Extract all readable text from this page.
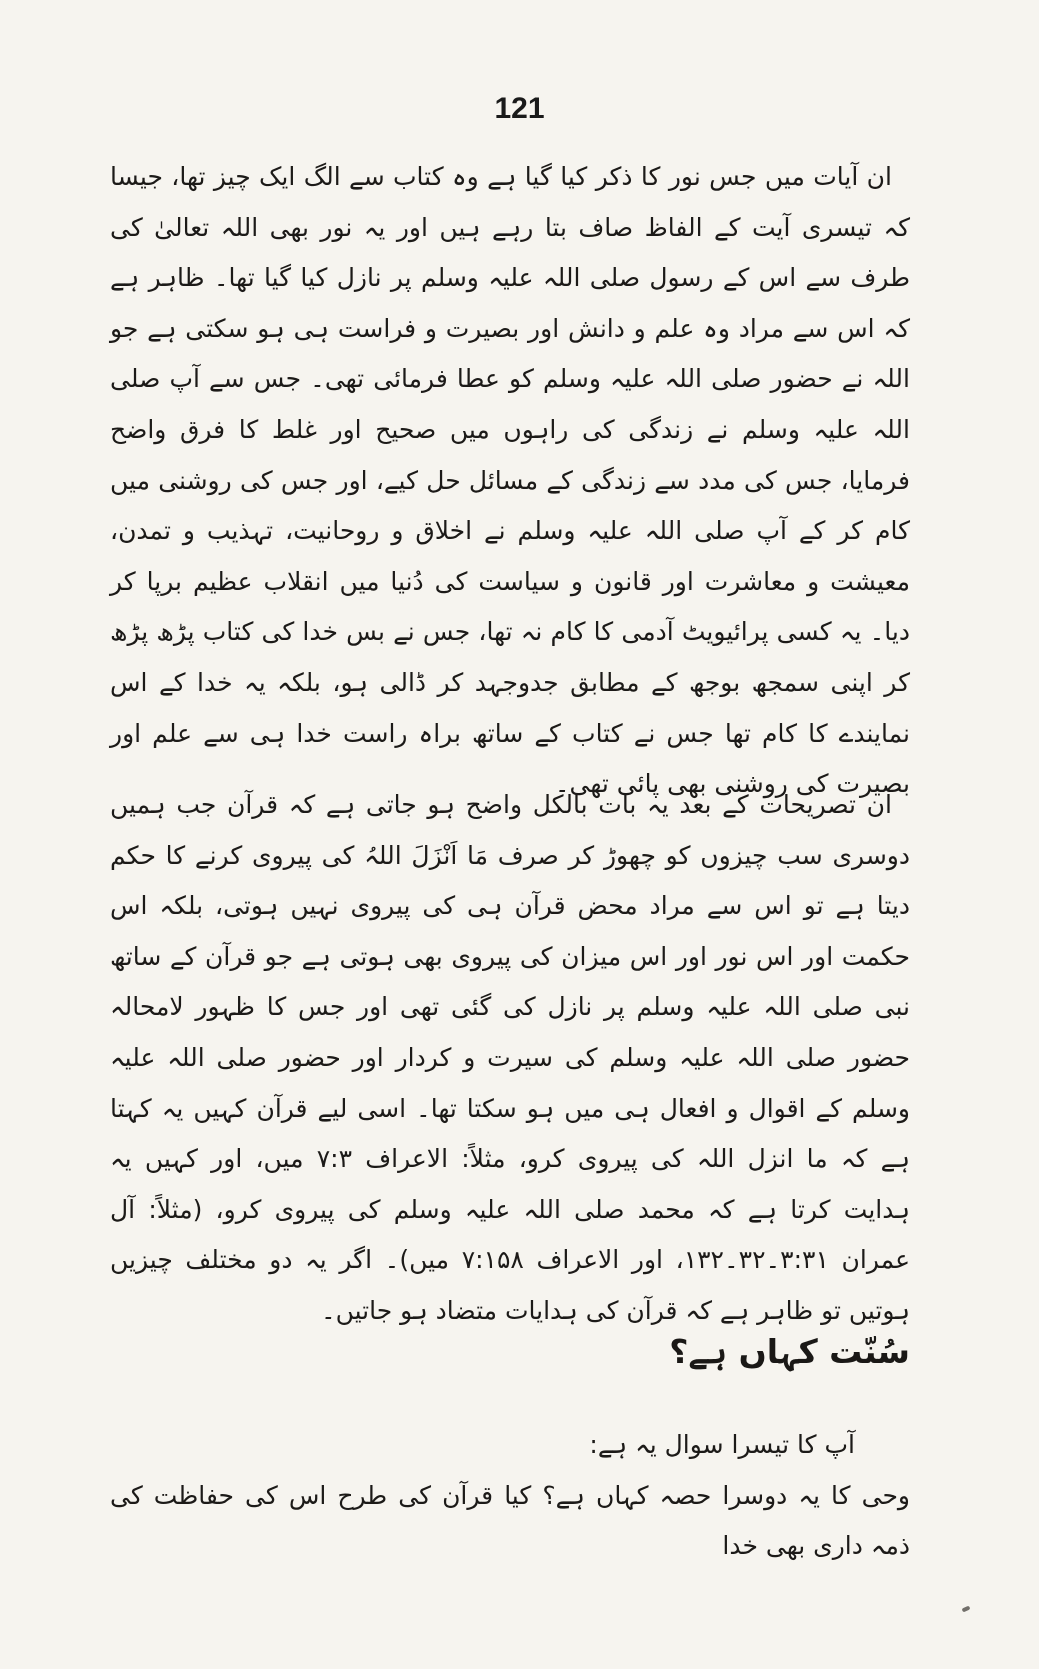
121

ان آیات میں جس نور کا ذکر کیا گیا ہے وہ کتاب سے الگ ایک چیز تھا، جیسا کہ تیسری آیت کے الفاظ صاف بتا رہے ہیں اور یہ نور بھی اللہ تعالیٰ کی طرف سے اس کے رسول صلی اللہ علیہ وسلم پر نازل کیا گیا تھا۔ ظاہر ہے کہ اس سے مراد وہ علم و دانش اور بصیرت و فراست ہی ہو سکتی ہے جو اللہ نے حضور صلی اللہ علیہ وسلم کو عطا فرمائی تھی۔ جس سے آپ صلی اللہ علیہ وسلم نے زندگی کی راہوں میں صحیح اور غلط کا فرق واضح فرمایا، جس کی مدد سے زندگی کے مسائل حل کیے، اور جس کی روشنی میں کام کر کے آپ صلی اللہ علیہ وسلم نے اخلاق و روحانیت، تہذیب و تمدن، معیشت و معاشرت اور قانون و سیاست کی دُنیا میں انقلاب عظیم برپا کر دیا۔ یہ کسی پرائیویٹ آدمی کا کام نہ تھا، جس نے بس خدا کی کتاب پڑھ پڑھ کر اپنی سمجھ بوجھ کے مطابق جدوجہد کر ڈالی ہو، بلکہ یہ خدا کے اس نمایندے کا کام تھا جس نے کتاب کے ساتھ براہ راست خدا ہی سے علم اور بصیرت کی روشنی بھی پائی تھی۔

ان تصریحات کے بعد یہ بات بالکل واضح ہو جاتی ہے کہ قرآن جب ہمیں دوسری سب چیزوں کو چھوڑ کر صرف مَا اَنْزَلَ اللہُ کی پیروی کرنے کا حکم دیتا ہے تو اس سے مراد محض قرآن ہی کی پیروی نہیں ہوتی، بلکہ اس حکمت اور اس نور اور اس میزان کی پیروی بھی ہوتی ہے جو قرآن کے ساتھ نبی صلی اللہ علیہ وسلم پر نازل کی گئی تھی اور جس کا ظہور لامحالہ حضور صلی اللہ علیہ وسلم کی سیرت و کردار اور حضور صلی اللہ علیہ وسلم کے اقوال و افعال ہی میں ہو سکتا تھا۔ اسی لیے قرآن کہیں یہ کہتا ہے کہ ما انزل اللہ کی پیروی کرو، مثلاً: الاعراف ۷:۳ میں، اور کہیں یہ ہدایت کرتا ہے کہ محمد صلی اللہ علیہ وسلم کی پیروی کرو، (مثلاً: آل عمران ۳:۳۱۔۳۲۔۱۳۲، اور الاعراف ۷:۱۵۸ میں)۔ اگر یہ دو مختلف چیزیں ہوتیں تو ظاہر ہے کہ قرآن کی ہدایات متضاد ہو جاتیں۔

سُنّت کہاں ہے؟

آپ کا تیسرا سوال یہ ہے:

وحی کا یہ دوسرا حصہ کہاں ہے؟ کیا قرآن کی طرح اس کی حفاظت کی ذمہ داری بھی خدا
